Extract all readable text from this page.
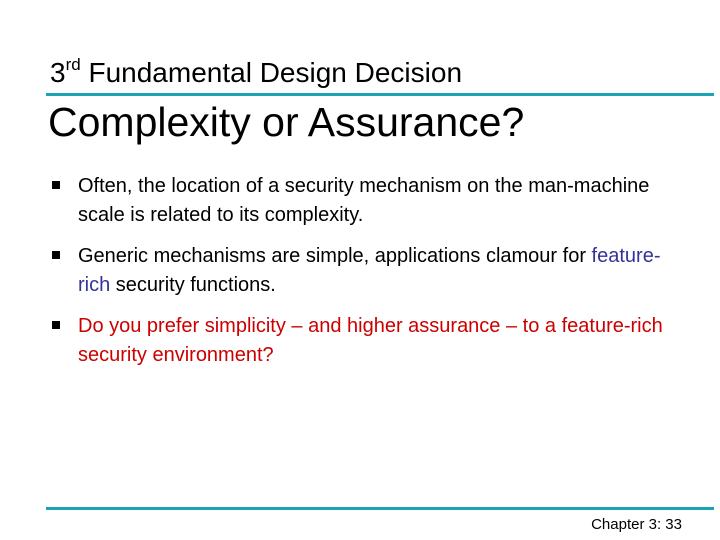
3rd Fundamental Design Decision
Complexity or Assurance?
Often, the location of a security mechanism on the man-machine scale is related to its complexity.
Generic mechanisms are simple, applications clamour for feature-rich security functions.
Do you prefer simplicity – and higher assurance – to a feature-rich security environment?
Chapter 3: 33
